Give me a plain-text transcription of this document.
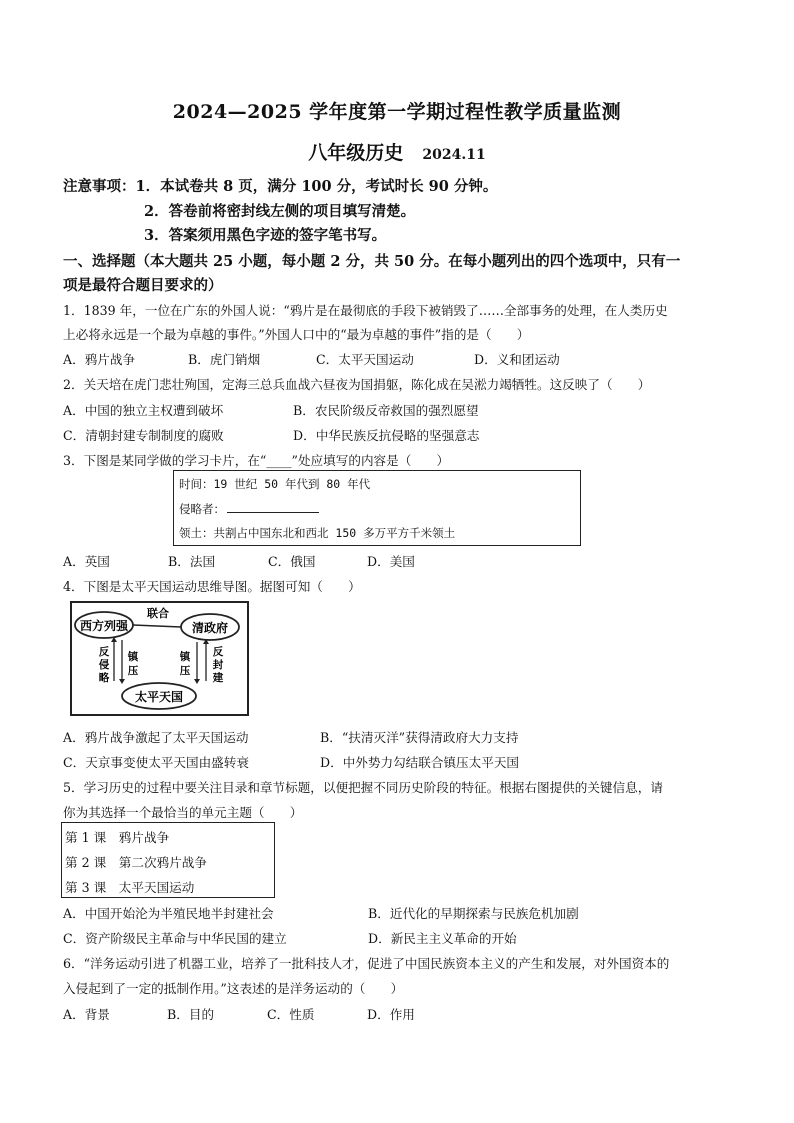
2024—2025 学年度第一学期过程性教学质量监测
八年级历史 2024.11
注意事项：1．本试卷共 8 页，满分 100 分，考试时长 90 分钟。
2．答卷前将密封线左侧的项目填写清楚。
3．答案须用黑色字迹的签字笔书写。
一、选择题（本大题共 25 小题，每小题 2 分，共 50 分。在每小题列出的四个选项中，只有一
项是最符合题目要求的）
1．1839 年，一位在广东的外国人说：“鸦片是在最彻底的手段下被销毁了……全部事务的处理，在人类历史
上必将永远是一个最为卓越的事件。”外国人口中的“最为卓越的事件”指的是（　　）
A．鸦片战争	B．虎门销烟	C．太平天国运动	D．义和团运动
2．关天培在虎门悲壮殉国，定海三总兵血战六昼夜为国捐躯，陈化成在吴淞力竭牺牲。这反映了（　　）
A．中国的独立主权遭到破坏	B．农民阶级反帝救国的强烈愿望
C．清朝封建专制制度的腐败	D．中华民族反抗侵略的坚强意志
3．下图是某同学做的学习卡片，在“____”处应填写的内容是（　　）
时间：19 世纪 50 年代到 80 年代
侵略者：
领土：共割占中国东北和西北 150 多万平方千米领土
A．英国	B．法国	C．俄国	D．美国
4．下图是太平天国运动思维导图。据图可知（　　）
西方列强	清政府
太平天国
联合
反
侵
略
镇
压
镇
压
反
封
建
A．鸦片战争激起了太平天国运动	B．“扶清灭洋”获得清政府大力支持
C．天京事变使太平天国由盛转衰	D．中外势力勾结联合镇压太平天国
5．学习历史的过程中要关注目录和章节标题，以便把握不同历史阶段的特征。根据右图提供的关键信息，请
你为其选择一个最恰当的单元主题（　　）
第 1 课　鸦片战争
第 2 课　第二次鸦片战争
第 3 课　太平天国运动
A．中国开始沦为半殖民地半封建社会	B．近代化的早期探索与民族危机加剧
C．资产阶级民主革命与中华民国的建立	D．新民主主义革命的开始
6．“洋务运动引进了机器工业，培养了一批科技人才，促进了中国民族资本主义的产生和发展，对外国资本的
入侵起到了一定的抵制作用。”这表述的是洋务运动的（　　）
A．背景	B．目的	C．性质	D．作用
